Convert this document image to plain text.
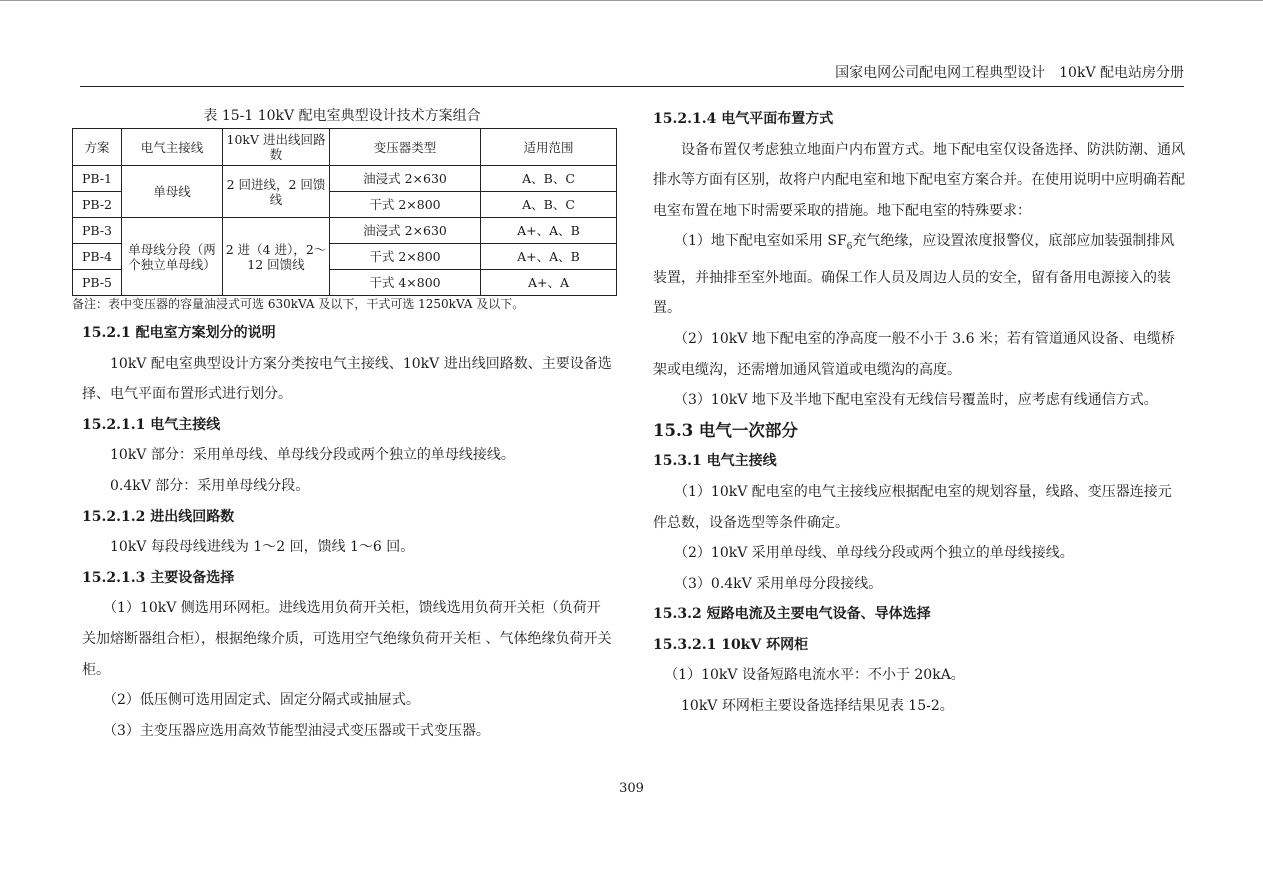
国家电网公司配电网工程典型设计　10kV 配电站房分册
表 15-1 10kV 配电室典型设计技术方案组合
方案	电气主接线	10kV 进出线回路数	变压器类型	适用范围
PB-1	单母线	2 回进线，2 回馈线	油浸式 2×630	A、B、C
PB-2			干式 2×800	A、B、C
PB-3	单母线分段（两个独立单母线）	2 进（4 进），2～12 回馈线	油浸式 2×630	A+、A、B
PB-4			干式 2×800	A+、A、B
PB-5			干式 4×800	A+、A
备注：表中变压器的容量油浸式可选 630kVA 及以下，干式可选 1250kVA 及以下。
15.2.1 配电室方案划分的说明
10kV 配电室典型设计方案分类按电气主接线、10kV 进出线回路数、主要设备选择、电气平面布置形式进行划分。
15.2.1.1 电气主接线
10kV 部分：采用单母线、单母线分段或两个独立的单母线接线。
0.4kV 部分：采用单母线分段。
15.2.1.2 进出线回路数
10kV 每段母线进线为 1～2 回，馈线 1～6 回。
15.2.1.3 主要设备选择
（1）10kV 侧选用环网柜。进线选用负荷开关柜，馈线选用负荷开关柜（负荷开关加熔断器组合柜），根据绝缘介质，可选用空气绝缘负荷开关柜 、气体绝缘负荷开关柜。
（2）低压侧可选用固定式、固定分隔式或抽屉式。
（3）主变压器应选用高效节能型油浸式变压器或干式变压器。
15.2.1.4 电气平面布置方式
设备布置仅考虑独立地面户内布置方式。地下配电室仅设备选择、防洪防潮、通风排水等方面有区别，故将户内配电室和地下配电室方案合并。在使用说明中应明确若配电室布置在地下时需要采取的措施。地下配电室的特殊要求：
（1）地下配电室如采用 $SF_6$充气绝缘，应设置浓度报警仪，底部应加装强制排风装置，并抽排至室外地面。确保工作人员及周边人员的安全，留有备用电源接入的装置。
（2）10kV 地下配电室的净高度一般不小于 3.6 米；若有管道通风设备、电缆桥架或电缆沟，还需增加通风管道或电缆沟的高度。
（3）10kV 地下及半地下配电室没有无线信号覆盖时，应考虑有线通信方式。
15.3 电气一次部分
15.3.1 电气主接线
（1）10kV 配电室的电气主接线应根据配电室的规划容量，线路、变压器连接元件总数，设备选型等条件确定。
（2）10kV 采用单母线、单母线分段或两个独立的单母线接线。
（3）0.4kV 采用单母分段接线。
15.3.2 短路电流及主要电气设备、导体选择
15.3.2.1 10kV 环网柜
（1）10kV 设备短路电流水平：不小于 20kA。
10kV 环网柜主要设备选择结果见表 15-2。
309
